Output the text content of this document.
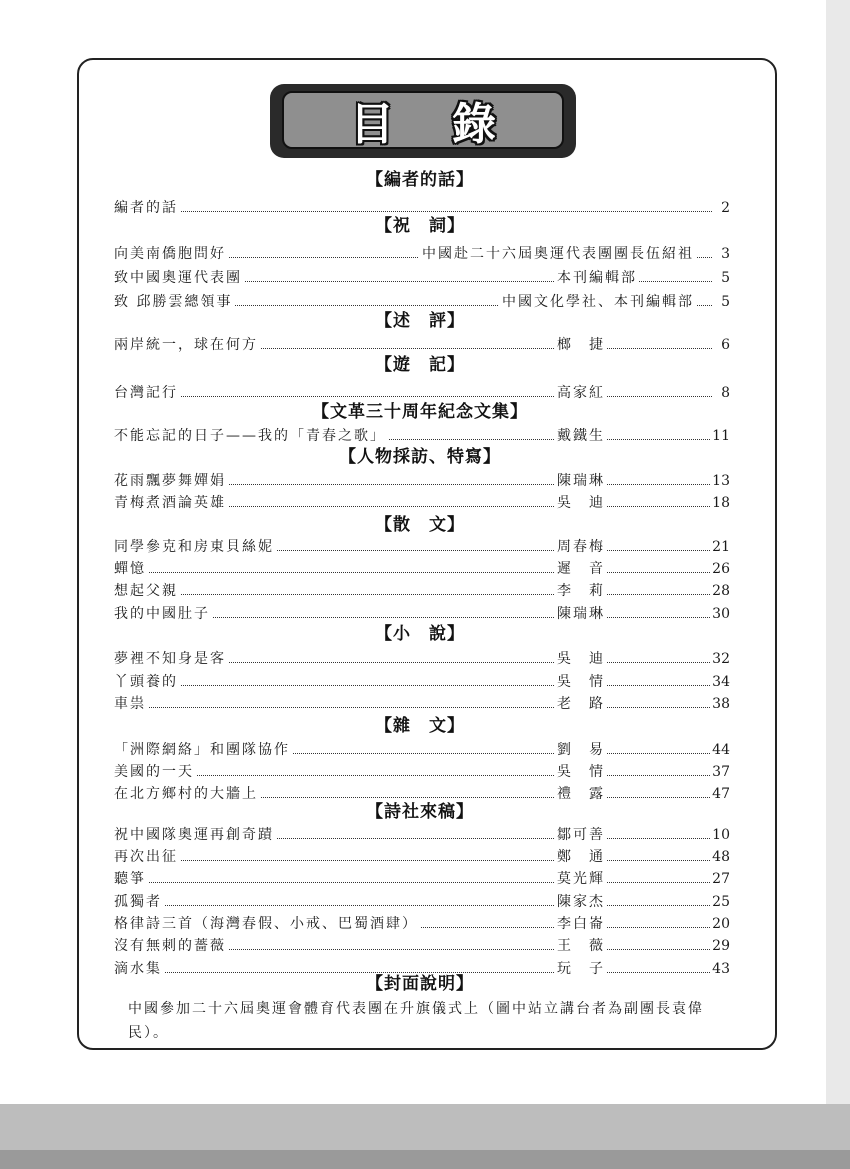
目錄
【編者的話】
編者的話	2
【祝　詞】
向美南僑胞問好	中國赴二十六屆奧運代表團團長伍紹祖 3
致中國奧運代表團	本刊編輯部	5
致 邱勝雲總領事	中國文化學社、本刊編輯部 5
【述　評】
兩岸統一，球在何方	榔　捷	6
【遊　記】
台灣記行	高家紅	8
【文革三十周年紀念文集】
不能忘記的日子——我的「青春之歌」	戴鐵生	11
【人物採訪、特寫】
花雨飄夢舞嬋娟	陳瑞琳	13
青梅煮酒論英雄	吳　迪	18
【散　文】
同學參克和房東貝絲妮	周春梅	21
蟬憶	遲　音	26
想起父親	李　莉	28
我的中國肚子	陳瑞琳	30
【小　說】
夢裡不知身是客	吳　迪	32
丫頭養的	吳　情	34
車祟	老　路	38
【雜　文】
「洲際網絡」和團隊協作	劉　易	44
美國的一天	吳　情	37
在北方鄉村的大牆上	禮　露	47
【詩社來稿】
祝中國隊奧運再創奇蹟	鄒可善	10
再次出征	鄭　通	48
聽箏	莫光輝	27
孤獨者	陳家杰	25
格律詩三首（海灣春假、小戒、巴蜀酒肆）	李白崙	20
沒有無刺的薔薇	王　薇	29
滴水集	玩　子	43
【封面說明】
中國參加二十六屆奧運會體育代表團在升旗儀式上（圖中站立講台者為副團長袁偉民）。
